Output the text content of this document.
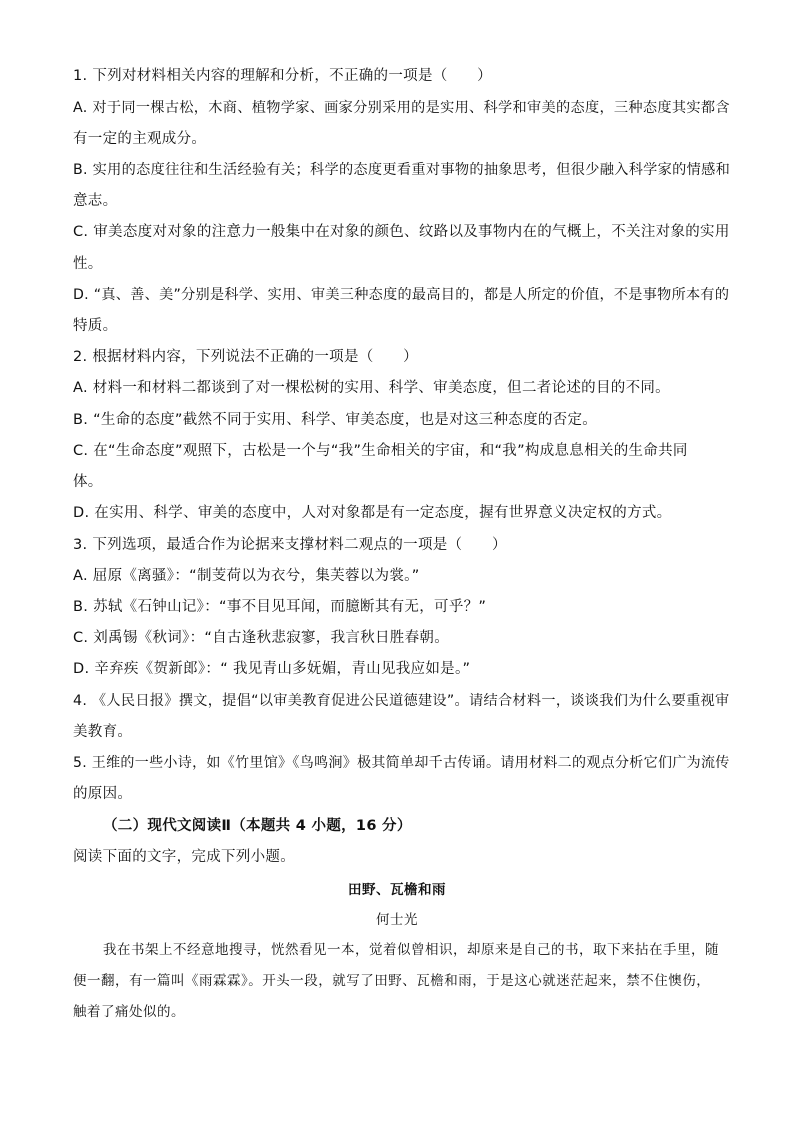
1. 下列对材料相关内容的理解和分析，不正确的一项是（　　）
A. 对于同一棵古松，木商、植物学家、画家分别采用的是实用、科学和审美的态度，三种态度其实都含
有一定的主观成分。
B. 实用的态度往往和生活经验有关；科学的态度更看重对事物的抽象思考，但很少融入科学家的情感和
意志。
C. 审美态度对对象的注意力一般集中在对象的颜色、纹路以及事物内在的气概上，不关注对象的实用
性。
D. “真、善、美”分别是科学、实用、审美三种态度的最高目的，都是人所定的价值，不是事物所本有的
特质。
2. 根据材料内容，下列说法不正确的一项是（　　）
A. 材料一和材料二都谈到了对一棵松树的实用、科学、审美态度，但二者论述的目的不同。
B. “生命的态度”截然不同于实用、科学、审美态度，也是对这三种态度的否定。
C. 在“生命态度”观照下，古松是一个与“我”生命相关的宇宙，和“我”构成息息相关的生命共同
体。
D. 在实用、科学、审美的态度中，人对对象都是有一定态度，握有世界意义决定权的方式。
3. 下列选项，最适合作为论据来支撑材料二观点的一项是（　　）
A. 屈原《离骚》：“制芰荷以为衣兮，集芙蓉以为裳。”
B. 苏轼《石钟山记》：“事不目见耳闻，而臆断其有无，可乎？”
C. 刘禹锡《秋词》：“自古逢秋悲寂寥，我言秋日胜春朝。
D. 辛弃疾《贺新郎》：“ 我见青山多妩媚，青山见我应如是。”
4. 《人民日报》撰文，提倡“以审美教育促进公民道德建设”。请结合材料一，谈谈我们为什么要重视审
美教育。
5. 王维的一些小诗，如《竹里馆》《鸟鸣涧》极其简单却千古传诵。请用材料二的观点分析它们广为流传
的原因。
（二）现代文阅读Ⅱ（本题共 4 小题，16 分）
阅读下面的文字，完成下列小题。
田野、瓦檐和雨
何士光
我在书架上不经意地搜寻，恍然看见一本，觉着似曾相识，却原来是自己的书，取下来拈在手里，随
便一翻，有一篇叫《雨霖霖》。开头一段，就写了田野、瓦檐和雨，于是这心就迷茫起来，禁不住懊伤，
触着了痛处似的。
